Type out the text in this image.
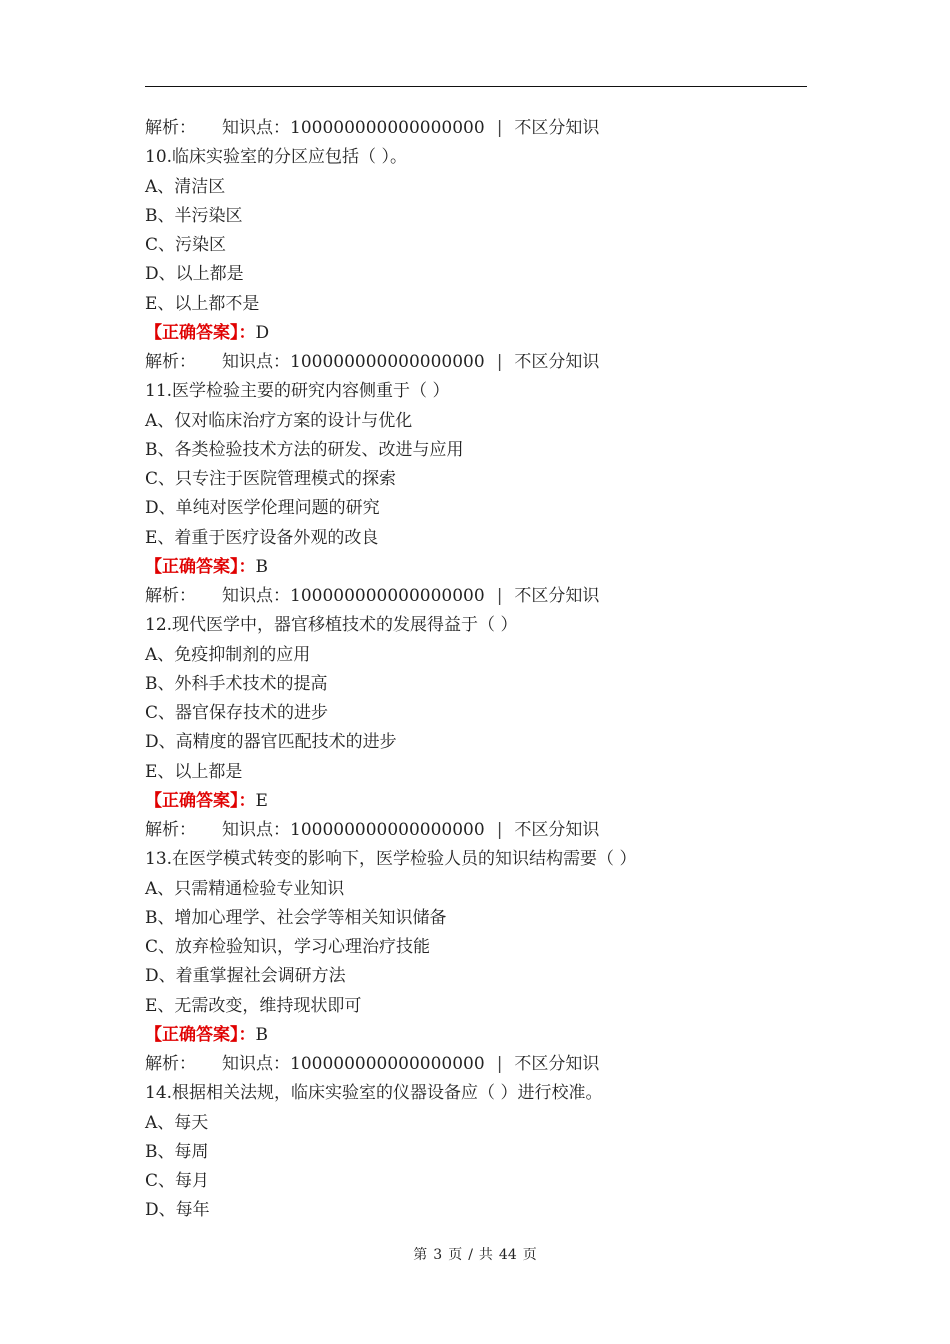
解析： 知识点：100000000000000000 | 不区分知识
10.临床实验室的分区应包括（ ）。
A、清洁区
B、半污染区
C、污染区
D、以上都是
E、以上都不是
【正确答案】：D
解析： 知识点：100000000000000000 | 不区分知识
11.医学检验主要的研究内容侧重于（ ）
A、仅对临床治疗方案的设计与优化
B、各类检验技术方法的研发、改进与应用
C、只专注于医院管理模式的探索
D、单纯对医学伦理问题的研究
E、着重于医疗设备外观的改良
【正确答案】：B
解析： 知识点：100000000000000000 | 不区分知识
12.现代医学中，器官移植技术的发展得益于（ ）
A、免疫抑制剂的应用
B、外科手术技术的提高
C、器官保存技术的进步
D、高精度的器官匹配技术的进步
E、以上都是
【正确答案】：E
解析： 知识点：100000000000000000 | 不区分知识
13.在医学模式转变的影响下，医学检验人员的知识结构需要（ ）
A、只需精通检验专业知识
B、增加心理学、社会学等相关知识储备
C、放弃检验知识，学习心理治疗技能
D、着重掌握社会调研方法
E、无需改变，维持现状即可
【正确答案】：B
解析： 知识点：100000000000000000 | 不区分知识
14.根据相关法规，临床实验室的仪器设备应（ ）进行校准。
A、每天
B、每周
C、每月
D、每年
第 3 页 / 共 44 页
